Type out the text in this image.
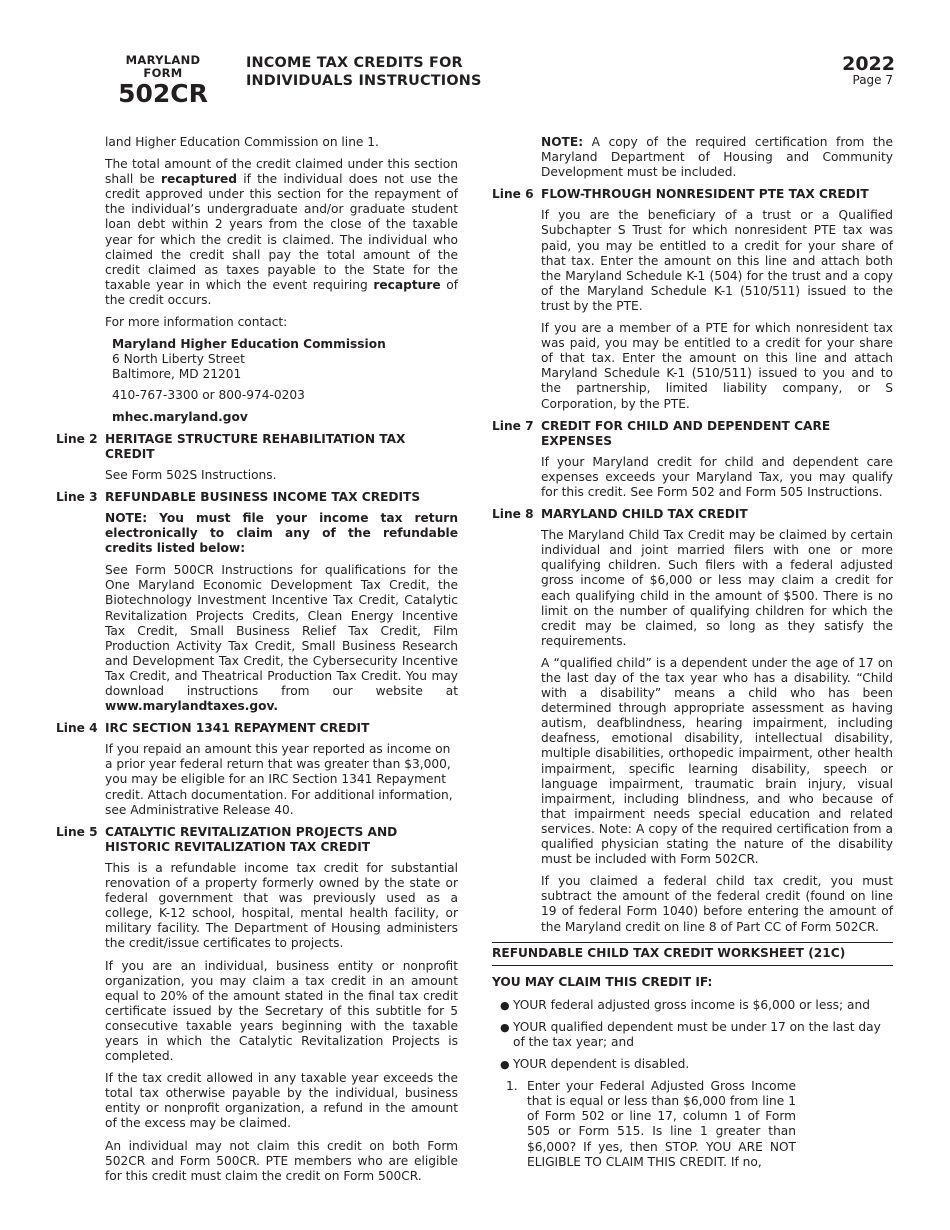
MARYLAND
FORM
502CR
INCOME TAX CREDITS FOR
INDIVIDUALS INSTRUCTIONS
2022
Page 7

land Higher Education Commission on line 1.

The total amount of the credit claimed under this section shall be recaptured if the individual does not use the credit approved under this section for the repayment of the individual’s undergraduate and/or graduate student loan debt within 2 years from the close of the taxable year for which the credit is claimed. The individual who claimed the credit shall pay the total amount of the credit claimed as taxes payable to the State for the taxable year in which the event requiring recapture of the credit occurs.

For more information contact:

Maryland Higher Education Commission
6 North Liberty Street
Baltimore, MD 21201
410-767-3300 or 800-974-0203
mhec.maryland.gov
Line 2 HERITAGE STRUCTURE REHABILITATION TAX CREDIT

See Form 502S Instructions.

Line 3 REFUNDABLE BUSINESS INCOME TAX CREDITS

NOTE: You must file your income tax return electronically to claim any of the refundable credits listed below:

See Form 500CR Instructions for qualifications for the One Maryland Economic Development Tax Credit, the Biotechnology Investment Incentive Tax Credit, Catalytic Revitalization Projects Credits, Clean Energy Incentive Tax Credit, Small Business Relief Tax Credit, Film Production Activity Tax Credit, Small Business Research and Development Tax Credit, the Cybersecurity Incentive Tax Credit, and Theatrical Production Tax Credit. You may download instructions from our website at www.marylandtaxes.gov.

Line 4 IRC SECTION 1341 REPAYMENT CREDIT

If you repaid an amount this year reported as income on a prior year federal return that was greater than $3,000, you may be eligible for an IRC Section 1341 Repayment credit. Attach documentation. For additional information, see Administrative Release 40.

Line 5 CATALYTIC REVITALIZATION PROJECTS AND HISTORIC REVITALIZATION TAX CREDIT

This is a refundable income tax credit for substantial renovation of a property formerly owned by the state or federal government that was previously used as a college, K-12 school, hospital, mental health facility, or military facility. The Department of Housing administers the credit/issue certificates to projects.

If you are an individual, business entity or nonprofit organization, you may claim a tax credit in an amount equal to 20% of the amount stated in the final tax credit certificate issued by the Secretary of this subtitle for 5 consecutive taxable years beginning with the taxable years in which the Catalytic Revitalization Projects is completed.

If the tax credit allowed in any taxable year exceeds the total tax otherwise payable by the individual, business entity or nonprofit organization, a refund in the amount of the excess may be claimed.

An individual may not claim this credit on both Form 502CR and Form 500CR. PTE members who are eligible for this credit must claim the credit on Form 500CR.

NOTE: A copy of the required certification from the Maryland Department of Housing and Community Development must be included.

Line 6 FLOW-THROUGH NONRESIDENT PTE TAX CREDIT

If you are the beneficiary of a trust or a Qualified Subchapter S Trust for which nonresident PTE tax was paid, you may be entitled to a credit for your share of that tax. Enter the amount on this line and attach both the Maryland Schedule K-1 (504) for the trust and a copy of the Maryland Schedule K-1 (510/511) issued to the trust by the PTE.

If you are a member of a PTE for which nonresident tax was paid, you may be entitled to a credit for your share of that tax. Enter the amount on this line and attach Maryland Schedule K-1 (510/511) issued to you and to the partnership, limited liability company, or S Corporation, by the PTE.

Line 7 CREDIT FOR CHILD AND DEPENDENT CARE EXPENSES

If your Maryland credit for child and dependent care expenses exceeds your Maryland Tax, you may qualify for this credit. See Form 502 and Form 505 Instructions.

Line 8 MARYLAND CHILD TAX CREDIT

The Maryland Child Tax Credit may be claimed by certain individual and joint married filers with one or more qualifying children. Such filers with a federal adjusted gross income of $6,000 or less may claim a credit for each qualifying child in the amount of $500. There is no limit on the number of qualifying children for which the credit may be claimed, so long as they satisfy the requirements.

A “qualified child” is a dependent under the age of 17 on the last day of the tax year who has a disability. “Child with a disability” means a child who has been determined through appropriate assessment as having autism, deafblindness, hearing impairment, including deafness, emotional disability, intellectual disability, multiple disabilities, orthopedic impairment, other health impairment, specific learning disability, speech or language impairment, traumatic brain injury, visual impairment, including blindness, and who because of that impairment needs special education and related services. Note: A copy of the required certification from a qualified physician stating the nature of the disability must be included with Form 502CR.

If you claimed a federal child tax credit, you must subtract the amount of the federal credit (found on line 19 of federal Form 1040) before entering the amount of the Maryland credit on line 8 of Part CC of Form 502CR.

REFUNDABLE CHILD TAX CREDIT WORKSHEET (21C)

YOU MAY CLAIM THIS CREDIT IF:

● YOUR federal adjusted gross income is $6,000 or less; and
● YOUR qualified dependent must be under 17 on the last day of the tax year; and
● YOUR dependent is disabled.
1. Enter your Federal Adjusted Gross Income that is equal or less than $6,000 from line 1 of Form 502 or line 17, column 1 of Form 505 or Form 515. Is line 1 greater than $6,000? If yes, then STOP. YOU ARE NOT ELIGIBLE TO CLAIM THIS CREDIT. If no,
